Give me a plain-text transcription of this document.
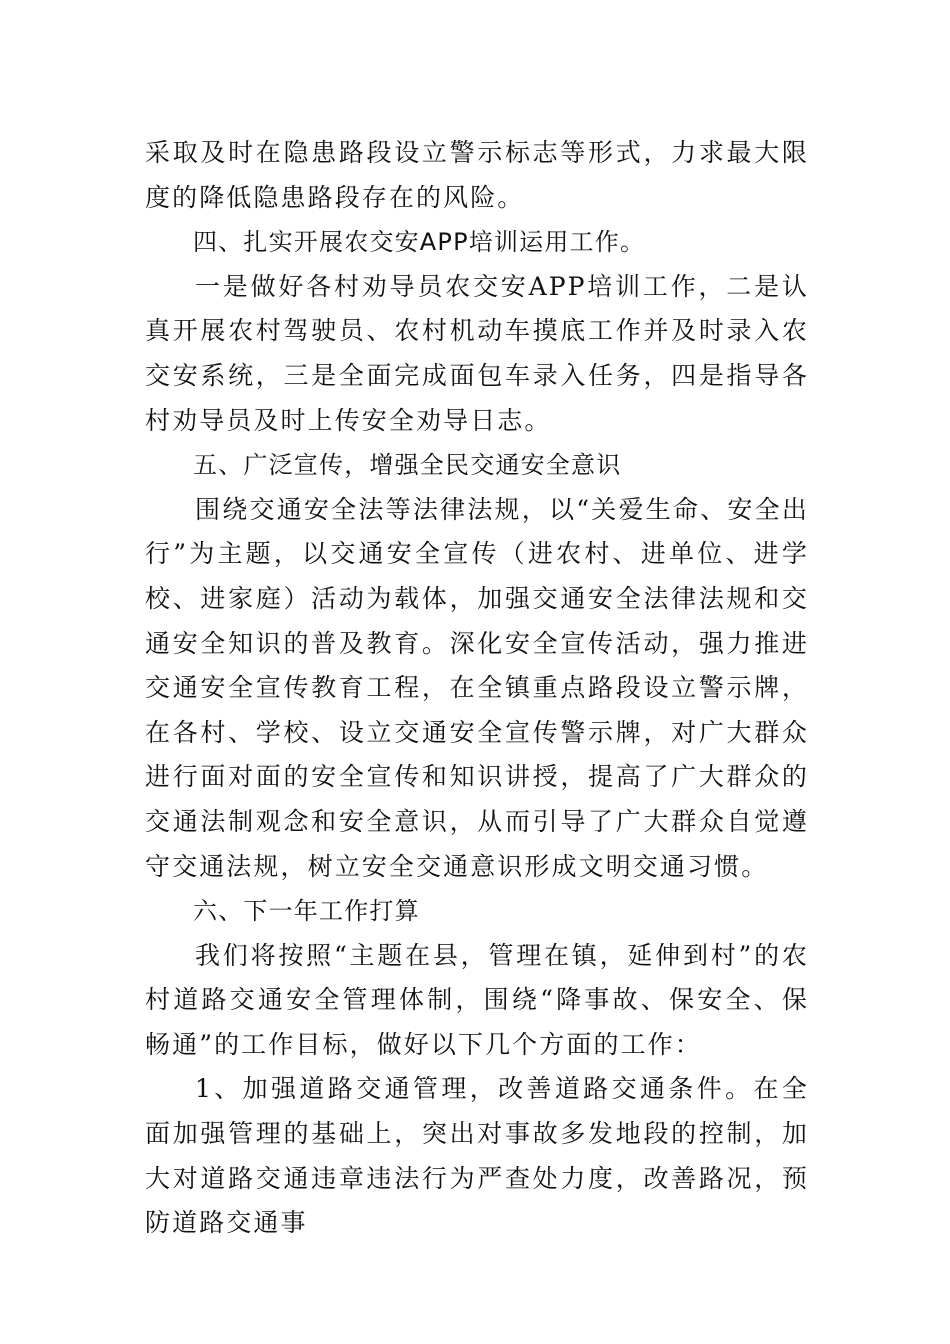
采取及时在隐患路段设立警示标志等形式，力求最大限度的降低隐患路段存在的风险。

四、扎实开展农交安APP培训运用工作。

一是做好各村劝导员农交安APP培训工作，二是认真开展农村驾驶员、农村机动车摸底工作并及时录入农交安系统，三是全面完成面包车录入任务，四是指导各村劝导员及时上传安全劝导日志。

五、广泛宣传，增强全民交通安全意识

围绕交通安全法等法律法规，以“关爱生命、安全出行”为主题，以交通安全宣传（进农村、进单位、进学校、进家庭）活动为载体，加强交通安全法律法规和交通安全知识的普及教育。深化安全宣传活动，强力推进交通安全宣传教育工程，在全镇重点路段设立警示牌，在各村、学校、设立交通安全宣传警示牌，对广大群众进行面对面的安全宣传和知识讲授，提高了广大群众的交通法制观念和安全意识，从而引导了广大群众自觉遵守交通法规，树立安全交通意识形成文明交通习惯。

六、下一年工作打算

我们将按照“主题在县，管理在镇，延伸到村”的农村道路交通安全管理体制，围绕“降事故、保安全、保畅通”的工作目标，做好以下几个方面的工作：

1、加强道路交通管理，改善道路交通条件。在全面加强管理的基础上，突出对事故多发地段的控制，加大对道路交通违章违法行为严查处力度，改善路况，预防道路交通事
